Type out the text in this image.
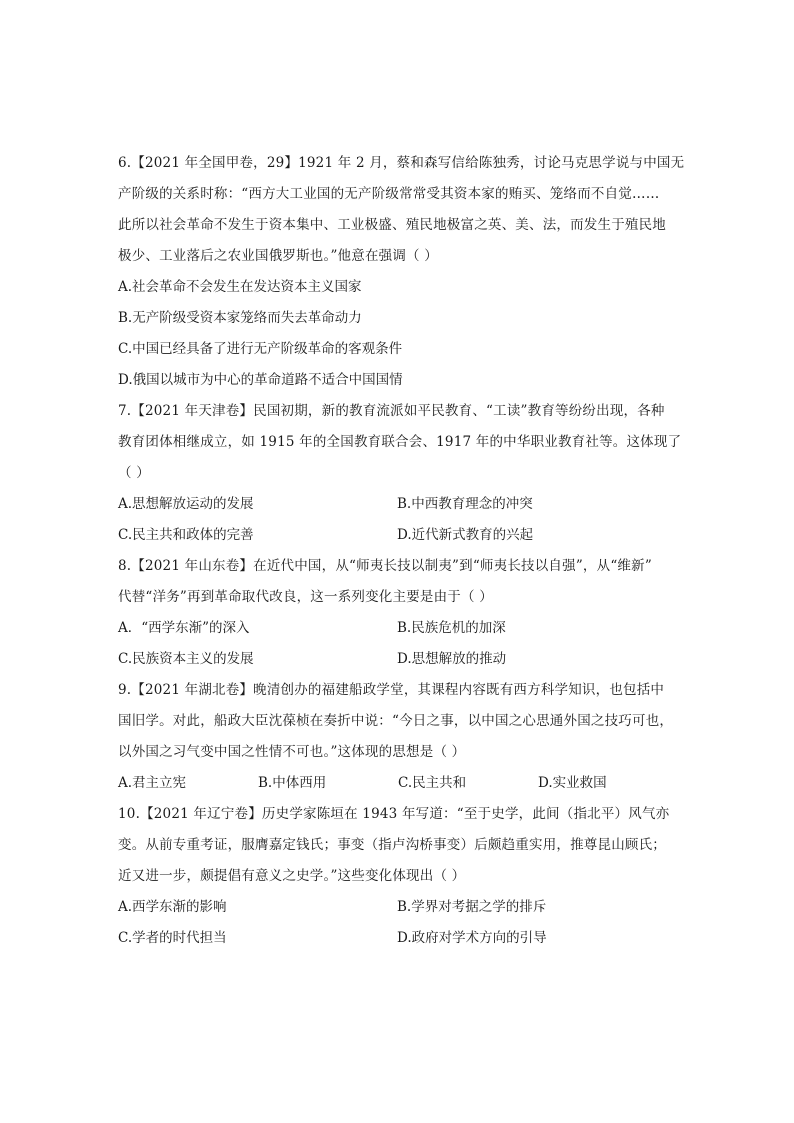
6.【2021 年全国甲卷，29】1921 年 2 月，蔡和森写信给陈独秀，讨论马克思学说与中国无
产阶级的关系时称：“西方大工业国的无产阶级常常受其资本家的贿买、笼络而不自觉……
此所以社会革命不发生于资本集中、工业极盛、殖民地极富之英、美、法，而发生于殖民地
极少、工业落后之农业国俄罗斯也。”他意在强调（ ）
A.社会革命不会发生在发达资本主义国家
B.无产阶级受资本家笼络而失去革命动力
C.中国已经具备了进行无产阶级革命的客观条件
D.俄国以城市为中心的革命道路不适合中国国情
7.【2021 年天津卷】民国初期，新的教育流派如平民教育、“工读”教育等纷纷出现，各种
教育团体相继成立，如 1915 年的全国教育联合会、1917 年的中华职业教育社等。这体现了
（ ）
A.思想解放运动的发展	B.中西教育理念的冲突
C.民主共和政体的完善	D.近代新式教育的兴起
8.【2021 年山东卷】在近代中国，从“师夷长技以制夷”到“师夷长技以自强”，从“维新”
代替“洋务”再到革命取代改良，这一系列变化主要是由于（ ）
A．“西学东渐”的深入	B.民族危机的加深
C.民族资本主义的发展	D.思想解放的推动
9.【2021 年湖北卷】晚清创办的福建船政学堂，其课程内容既有西方科学知识，也包括中
国旧学。对此，船政大臣沈葆桢在奏折中说：“今日之事，以中国之心思通外国之技巧可也，
以外国之习气变中国之性情不可也。”这体现的思想是（ ）
A.君主立宪	B.中体西用	C.民主共和	D.实业救国
10.【2021 年辽宁卷】历史学家陈垣在 1943 年写道：“至于史学，此间（指北平）风气亦
变。从前专重考证，服膺嘉定钱氏；事变（指卢沟桥事变）后颇趋重实用，推尊昆山顾氏；
近又进一步，颇提倡有意义之史学。”这些变化体现出（ ）
A.西学东渐的影响	B.学界对考据之学的排斥
C.学者的时代担当	D.政府对学术方向的引导
